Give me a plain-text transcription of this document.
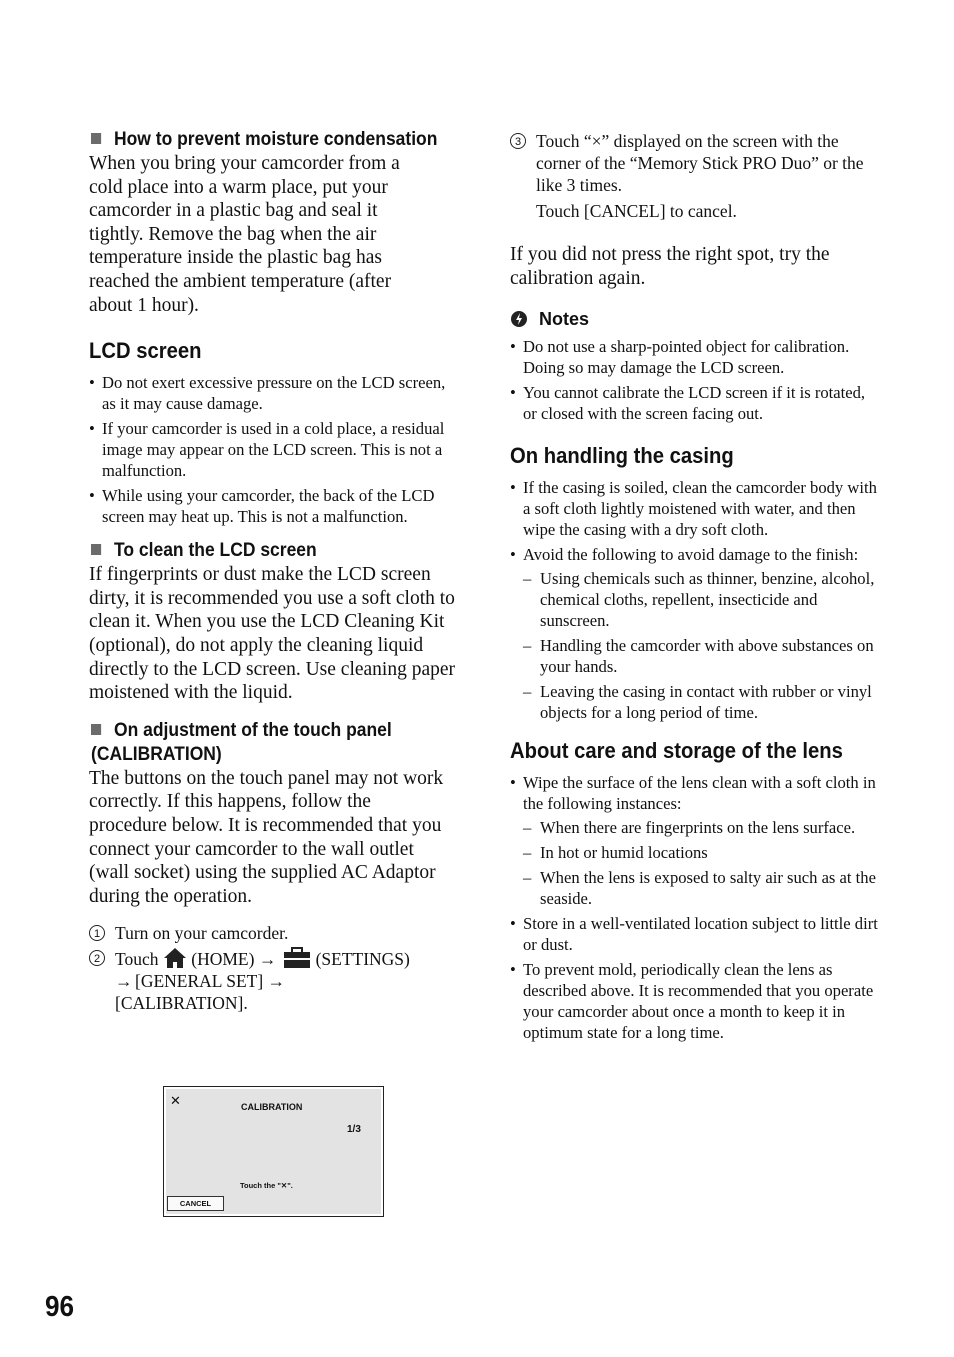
How to prevent moisture condensation

When you bring your camcorder from a cold place into a warm place, put your camcorder in a plastic bag and seal it tightly. Remove the bag when the air temperature inside the plastic bag has reached the ambient temperature (after about 1 hour).

LCD screen
• Do not exert excessive pressure on the LCD screen, as it may cause damage.
• If your camcorder is used in a cold place, a residual image may appear on the LCD screen. This is not a malfunction.
• While using your camcorder, the back of the LCD screen may heat up. This is not a malfunction.
To clean the LCD screen

If fingerprints or dust make the LCD screen dirty, it is recommended you use a soft cloth to clean it. When you use the LCD Cleaning Kit (optional), do not apply the cleaning liquid directly to the LCD screen. Use cleaning paper moistened with the liquid.

On adjustment of the touch panel
(CALIBRATION)

The buttons on the touch panel may not work correctly. If this happens, follow the procedure below. It is recommended that you connect your camcorder to the wall outlet (wall socket) using the supplied AC Adaptor during the operation.

1 Turn on your camcorder.
2 Touch (HOME) → (SETTINGS)
→ [GENERAL SET] →
[CALIBRATION].
✕	CALIBRATION
1/3
Touch the "✕".
CANCEL
3 Touch “×” displayed on the screen with the corner of the “Memory Stick PRO Duo” or the like 3 times.
Touch [CANCEL] to cancel.

If you did not press the right spot, try the calibration again.

Notes
• Do not use a sharp-pointed object for calibration. Doing so may damage the LCD screen.
• You cannot calibrate the LCD screen if it is rotated, or closed with the screen facing out.
On handling the casing
• If the casing is soiled, clean the camcorder body with a soft cloth lightly moistened with water, and then wipe the casing with a dry soft cloth.
• Avoid the following to avoid damage to the finish:
– Using chemicals such as thinner, benzine, alcohol, chemical cloths, repellent, insecticide and sunscreen.
– Handling the camcorder with above substances on your hands.
– Leaving the casing in contact with rubber or vinyl objects for a long period of time.
About care and storage of the lens
• Wipe the surface of the lens clean with a soft cloth in the following instances:
– When there are fingerprints on the lens surface.
– In hot or humid locations
– When the lens is exposed to salty air such as at the seaside.
• Store in a well-ventilated location subject to little dirt or dust.
• To prevent mold, periodically clean the lens as described above. It is recommended that you operate your camcorder about once a month to keep it in optimum state for a long time.
96
